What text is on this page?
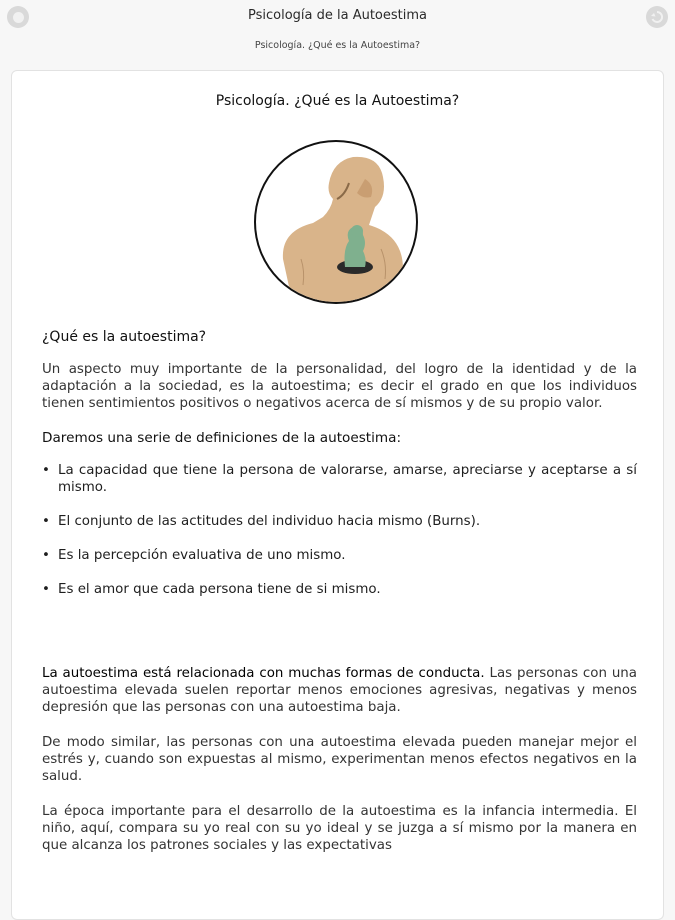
Psicología de la Autoestima
Psicología. ¿Qué es la Autoestima?
Psicología. ¿Qué es la Autoestima?

¿Qué es la autoestima?

Un aspecto muy importante de la personalidad, del logro de la identidad y de la adaptación a la sociedad, es la autoestima; es decir el grado en que los individuos tienen sentimientos positivos o negativos acerca de sí mismos y de su propio valor.

Daremos una serie de definiciones de la autoestima:

• La capacidad que tiene la persona de valorarse, amarse, apreciarse y aceptarse a sí mismo.
• El conjunto de las actitudes del individuo hacia mismo (Burns).
• Es la percepción evaluativa de uno mismo.
• Es el amor que cada persona tiene de si mismo.

La autoestima está relacionada con muchas formas de conducta. Las personas con una autoestima elevada suelen reportar menos emociones agresivas, negativas y menos depresión que las personas con una autoestima baja.

De modo similar, las personas con una autoestima elevada pueden manejar mejor el estrés y, cuando son expuestas al mismo, experimentan menos efectos negativos en la salud.

La época importante para el desarrollo de la autoestima es la infancia intermedia. El niño, aquí, compara su yo real con su yo ideal y se juzga a sí mismo por la manera en que alcanza los patrones sociales y las expectativas
